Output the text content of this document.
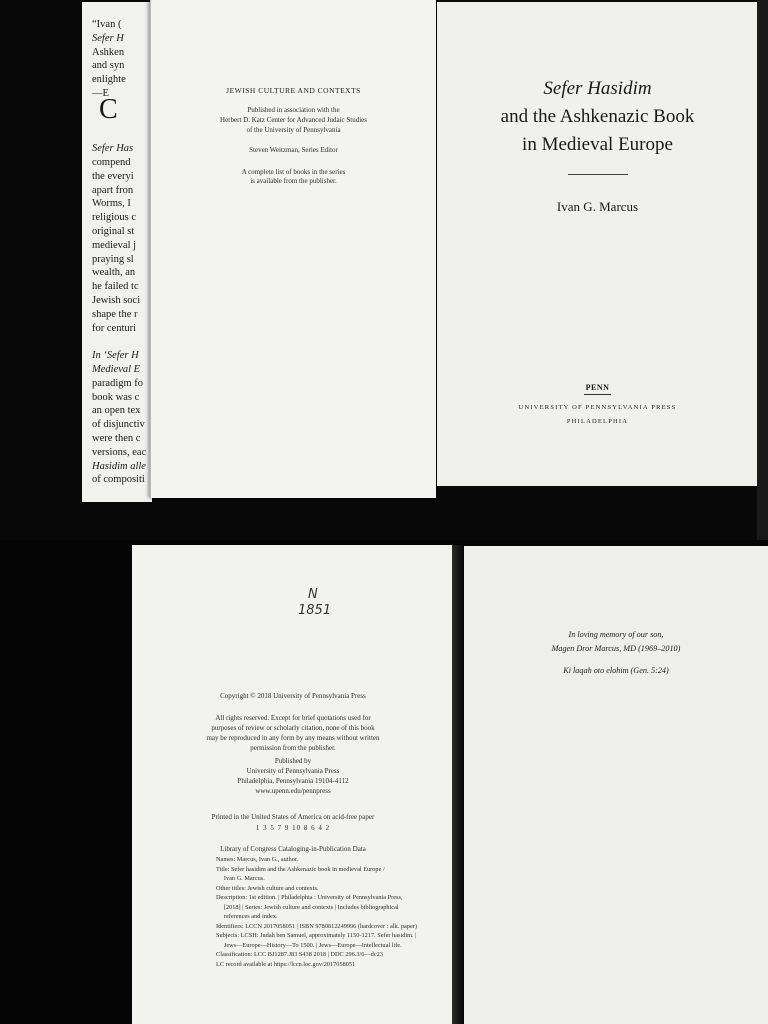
“Ivan (
Sefer H
Ashken
and syn
enlighte
—E
C
Sefer Has
compend
the everyi
apart fron
Worms, I
religious c
original st
medieval j
praying sl
wealth, an
he failed tc
Jewish soci
shape the r
for centuri
In ‘Sefer H
Medieval E
paradigm fo
book was c
an open tex
of disjunctiv
were then c
versions, eac
Hasidim alle
of compositi
JEWISH CULTURE AND CONTEXTS
Published in association with the
Herbert D. Katz Center for Advanced Judaic Studies
of the University of Pennsylvania
Steven Weitzman, Series Editor
A complete list of books in the series
is available from the publisher.
Sefer Hasidim
and the Ashkenazic Book
in Medieval Europe
Ivan G. Marcus
PENN
UNIVERSITY OF PENNSYLVANIA PRESS
PHILADELPHIA
N
1851
Copyright © 2018 University of Pennsylvania Press
Printed in the United States of America on acid-free paper
1 3 5 7 9 10 8 6 4 2
Library of Congress Cataloging-in-Publication Data
All rights reserved. Except for brief quotations used for
purposes of review or scholarly citation, none of this book
may be reproduced in any form by any means without written
permission from the publisher.
Published by
University of Pennsylvania Press
Philadelphia, Pennsylvania 19104-4112
www.upenn.edu/pennpress
Names: Marcus, Ivan G., author.
Title: Sefer hasidim and the Ashkenazic book in medieval Europe /
Ivan G. Marcus.
Other titles: Jewish culture and contexts.
Description: 1st edition. | Philadelphia : University of Pennsylvania Press,
[2018] | Series: Jewish culture and contexts | Includes bibliographical
references and index.
Identifiers: LCCN 2017058051 | ISBN 9780812249996 (hardcover : alk. paper)
Subjects: LCSH: Judah ben Samuel, approximately 1150-1217. Sefer hasidim. |
Jews—Europe—History—To 1500. | Jews—Europe—Intellectual life.
Classification: LCC BJ1287.J83 S438 2018 | DDC 296.3/6—dc23
LC record available at https://lccn.loc.gov/2017058051
In loving memory of our son,
Magen Dror Marcus, MD (1969–2010)
Ki laqah oto elohim (Gen. 5:24)
